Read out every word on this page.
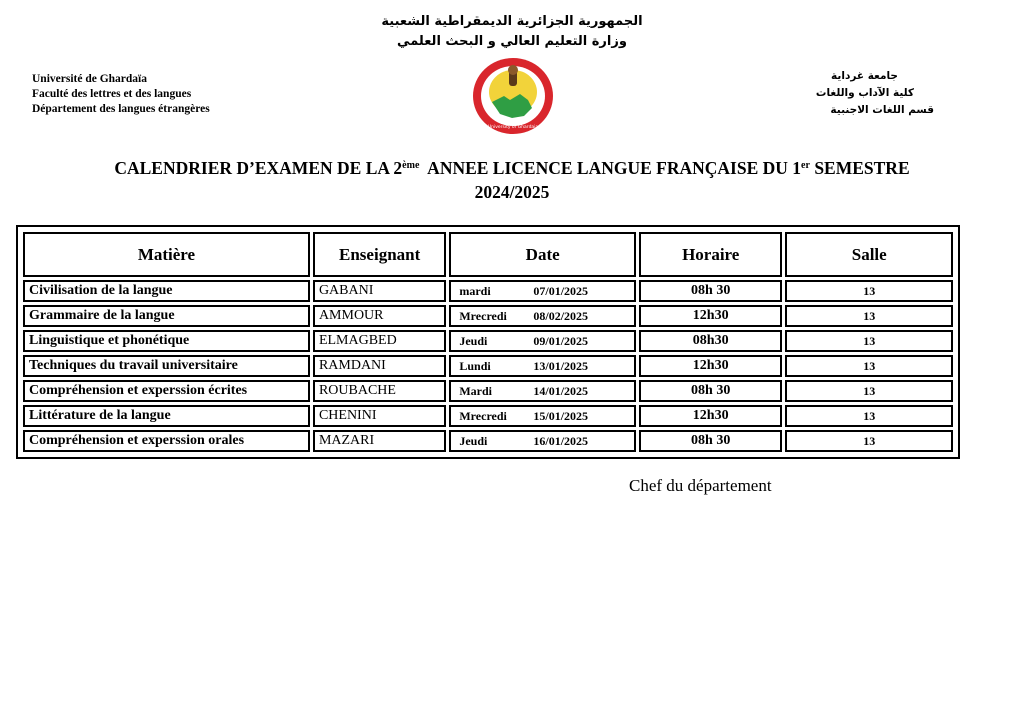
الجمهورية الجزائرية الديمقراطية الشعبية
وزارة التعليم العالي و البحث العلمي
Université de Ghardaïa
Faculté des lettres et des langues
Département des langues étrangères
جامعة غرداية
كلية الآداب واللغات
قسم اللغات الاجنبية
University of Ghardaia
CALENDRIER D’EXAMEN DE LA 2ème  ANNEE LICENCE LANGUE FRANÇAISE DU 1er SEMESTRE
2024/2025
Matière	Enseignant	Date	Horaire	Salle
Civilisation de la langue	GABANI	mardi 07/01/2025	08h 30	13
Grammaire de la langue	AMMOUR	Mrecredi 08/02/2025	12h30	13
Linguistique et phonétique	ELMAGBED	Jeudi 09/01/2025	08h30	13
Techniques du travail universitaire	RAMDANI	Lundi 13/01/2025	12h30	13
Compréhension et experssion écrites	ROUBACHE	Mardi 14/01/2025	08h 30	13
Littérature de la langue	CHENINI	Mrecredi 15/01/2025	12h30	13
Compréhension et experssion orales	MAZARI	Jeudi 16/01/2025	08h 30	13
Chef du département
